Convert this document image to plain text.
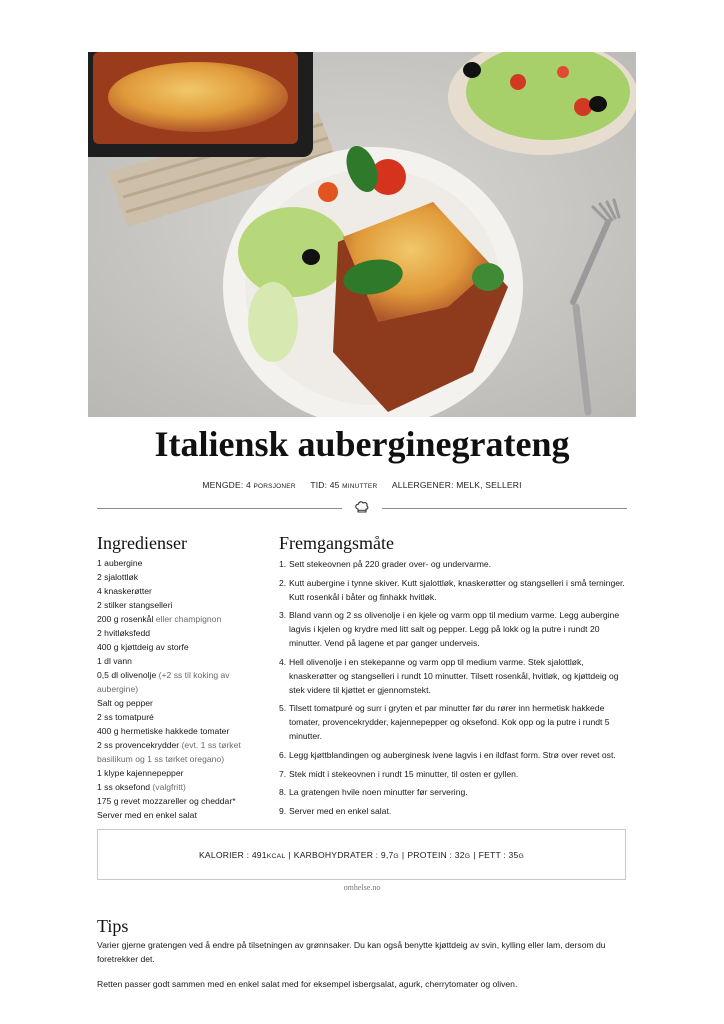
Italiensk auberginegrateng
MENGDE: 4 PORSJONER TID: 45 MINUTTER ALLERGENER: MELK, SELLERI
Ingredienser
1 aubergine
2 sjalottløk
4 knaskerøtter
2 stilker stangselleri
200 g rosenkål eller champignon
2 hvitløksfedd
400 g kjøttdeig av storfe
1 dl vann
0,5 dl olivenolje (+2 ss til koking av aubergine)
Salt og pepper
2 ss tomatpuré
400 g hermetiske hakkede tomater
2 ss provencekrydder (evt. 1 ss tørket basilikum og 1 ss tørket oregano)
1 klype kajennepepper
1 ss oksefond (valgfritt)
175 g revet mozzareller og cheddar*
Server med en enkel salat
Fremgangsmåte
1. Sett stekeovnen på 220 grader over- og undervarme.
2. Kutt aubergine i tynne skiver. Kutt sjalottløk, knaskerøtter og stangselleri i små terninger. Kutt rosenkål i båter og finhakk hvitløk.
3. Bland vann og 2 ss olivenolje i en kjele og varm opp til medium varme. Legg aubergine lagvis i kjelen og krydre med litt salt og pepper. Legg på lokk og la putre i rundt 20 minutter. Vend på lagene et par ganger underveis.
4. Hell olivenolje i en stekepanne og varm opp til medium varme. Stek sjalottløk, knaskerøtter og stangselleri i rundt 10 minutter. Tilsett rosenkål, hvitløk, og kjøttdeig og stek videre til kjøttet er gjennomstekt.
5. Tilsett tomatpuré og surr i gryten et par minutter før du rører inn hermetisk hakkede tomater, provencekrydder, kajennepepper og oksefond. Kok opp og la putre i rundt 5 minutter.
6. Legg kjøttblandingen og auberginesk ivene lagvis i en ildfast form. Strø over revet ost.
7. Stek midt i stekeovnen i rundt 15 minutter, til osten er gyllen.
8. La gratengen hvile noen minutter før servering.
9. Server med en enkel salat.
KALORIER : 491KCAL | KARBOHYDRATER : 9,7G | PROTEIN : 32G | FETT : 35G
omhelse.no
Tips

Varier gjerne gratengen ved å endre på tilsetningen av grønnsaker. Du kan også benytte kjøttdeig av svin, kylling eller lam, dersom du foretrekker det.

Retten passer godt sammen med en enkel salat med for eksempel isbergsalat, agurk, cherrytomater og oliven.
